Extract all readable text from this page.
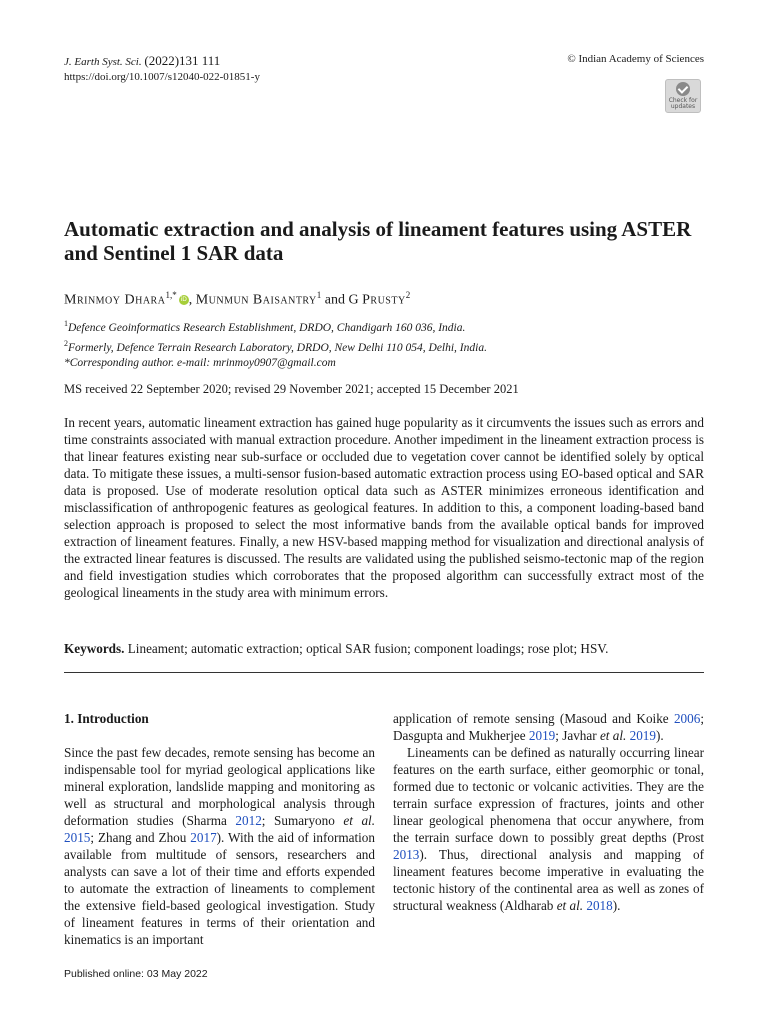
J. Earth Syst. Sci. (2022)131 111
https://doi.org/10.1007/s12040-022-01851-y
© Indian Academy of Sciences
Check for
updates
Automatic extraction and analysis of lineament features using ASTER and Sentinel 1 SAR data
Mrinmoy Dhara$^{1,*}$ iD , Munmun Baisantry$^1$ and G Prusty$^2$
$^1$Defence Geoinformatics Research Establishment, DRDO, Chandigarh 160 036, India.
$^2$Formerly, Defence Terrain Research Laboratory, DRDO, New Delhi 110 054, Delhi, India.
*Corresponding author. e-mail: mrinmoy0907@gmail.com
MS received 22 September 2020; revised 29 November 2021; accepted 15 December 2021
In recent years, automatic lineament extraction has gained huge popularity as it circumvents the issues such as errors and time constraints associated with manual extraction procedure. Another impediment in the lineament extraction process is that linear features existing near sub-surface or occluded due to vegetation cover cannot be identified solely by optical data. To mitigate these issues, a multi-sensor fusion-based automatic extraction process using EO-based optical and SAR data is proposed. Use of moderate resolution optical data such as ASTER minimizes erroneous identification and misclassification of anthropogenic features as geological features. In addition to this, a component loading-based band selection approach is proposed to select the most informative bands from the available optical bands for improved extraction of lineament features. Finally, a new HSV-based mapping method for visualization and directional analysis of the extracted linear features is discussed. The results are validated using the published seismo-tectonic map of the region and field investigation studies which corroborates that the proposed algorithm can successfully extract most of the geological lineaments in the study area with minimum errors.
Keywords. Lineament; automatic extraction; optical SAR fusion; component loadings; rose plot; HSV.
1. Introduction

Since the past few decades, remote sensing has become an indispensable tool for myriad geological applications like mineral exploration, landslide mapping and monitoring as well as structural and morphological analysis through deformation studies (Sharma 2012; Sumaryono et al. 2015; Zhang and Zhou 2017). With the aid of information available from multitude of sensors, researchers and analysts can save a lot of their time and efforts expended to automate the extraction of lineaments to complement the extensive field-based geological investigation. Study of lineament features in terms of their orientation and kinematics is an important

application of remote sensing (Masoud and Koike 2006; Dasgupta and Mukherjee 2019; Javhar et al. 2019).

Lineaments can be defined as naturally occurring linear features on the earth surface, either geomorphic or tonal, formed due to tectonic or volcanic activities. They are the terrain surface expression of fractures, joints and other linear geological phenomena that occur anywhere, from the terrain surface down to possibly great depths (Prost 2013). Thus, directional analysis and mapping of lineament features become imperative in evaluating the tectonic history of the continental area as well as zones of structural weakness (Aldharab et al. 2018).

Published online: 03 May 2022
